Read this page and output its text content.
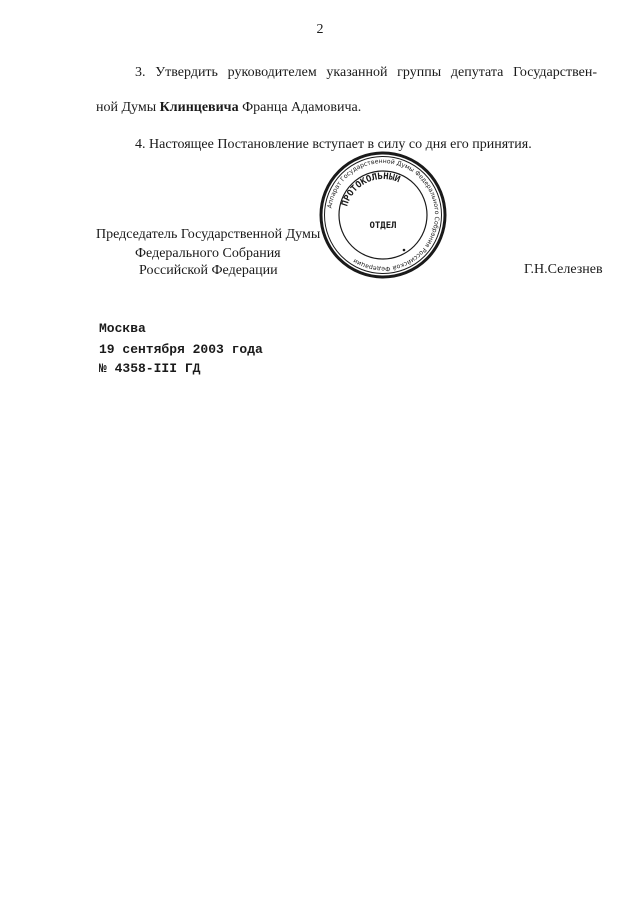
2
3. Утвердить руководителем указанной группы депутата Государствен-
ной Думы Клинцевича Франца Адамовича.
4. Настоящее Постановление вступает в силу со дня его принятия.
Аппарат Государственной Думы Федерального Собрания Российской Федерации
ПРОТОКОЛЬНЫЙ
ОТДЕЛ
Председатель Государственной Думы
Федерального Собрания
Российской Федерации	Г.Н.Селезнев
Москва
19 сентября 2003 года
№ 4358-III ГД
